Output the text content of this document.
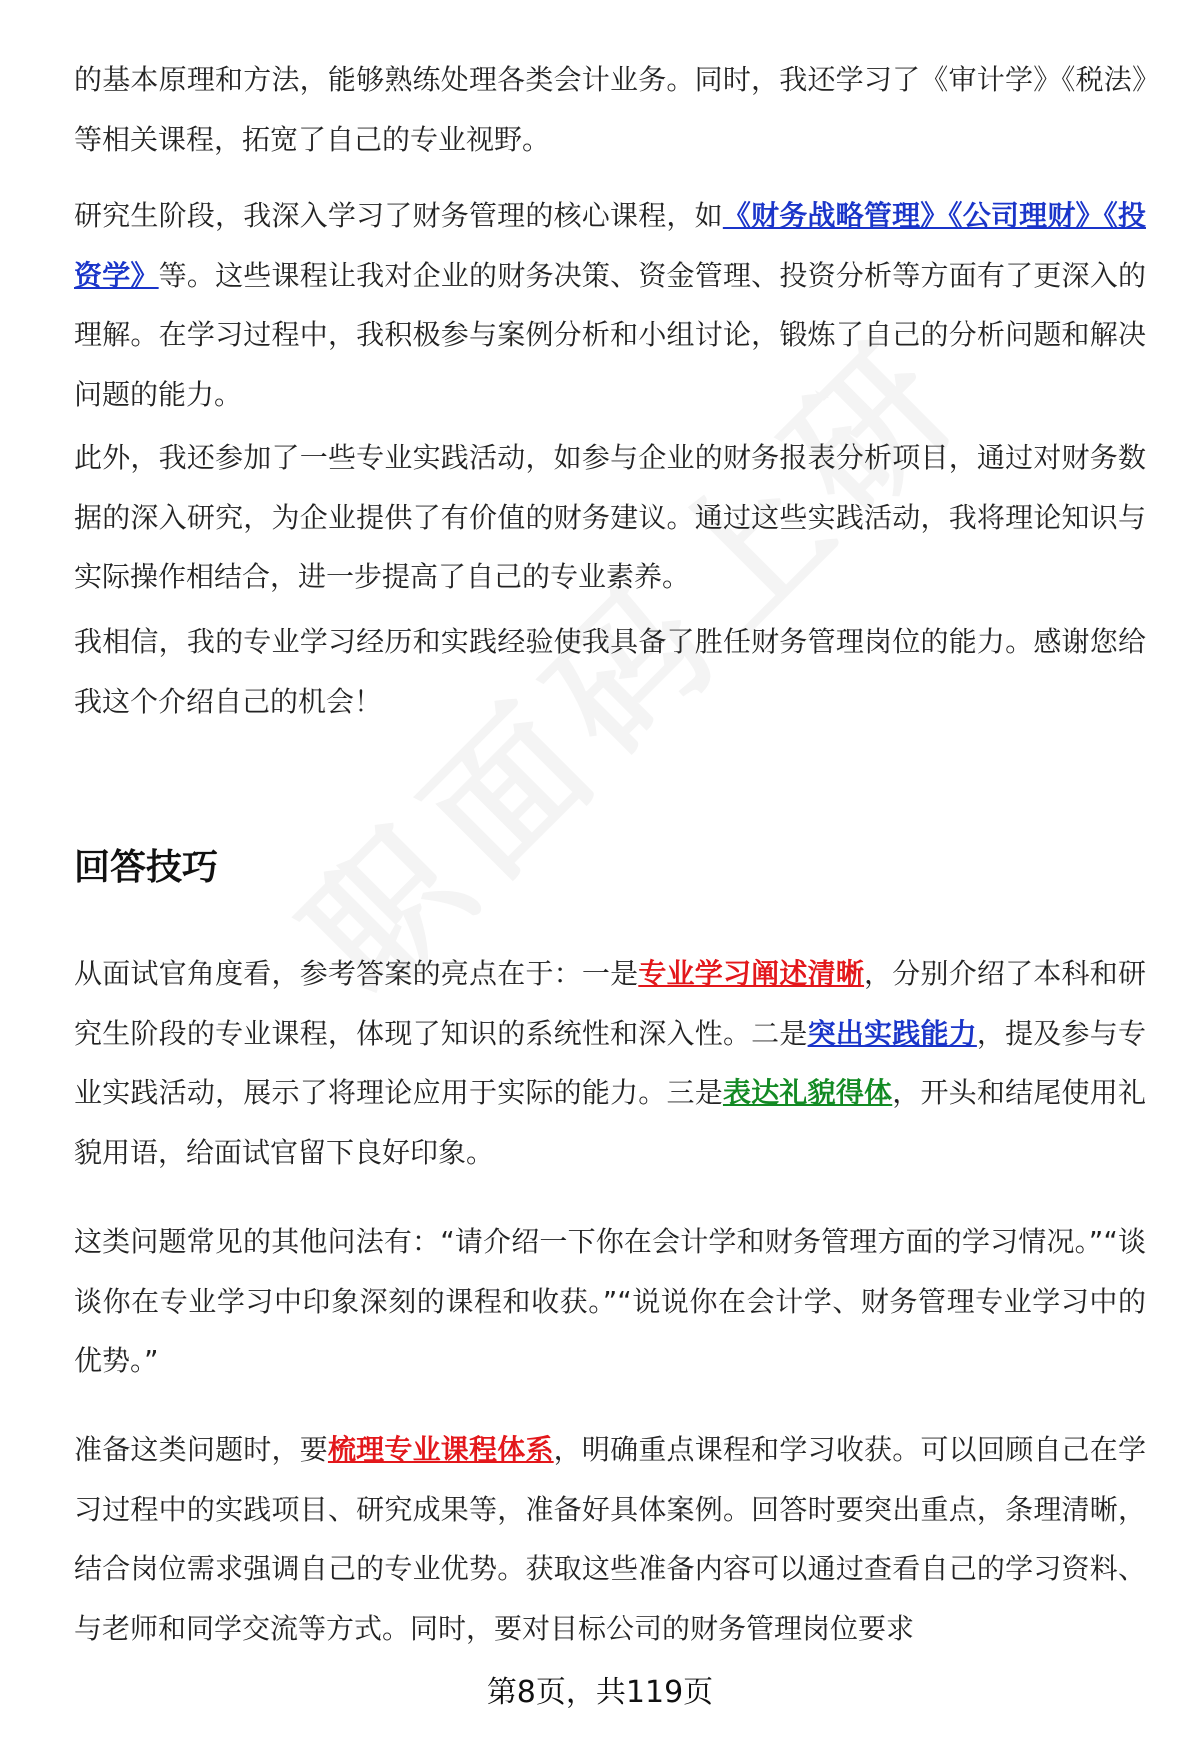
的基本原理和方法，能够熟练处理各类会计业务。同时，我还学习了《审计学》《税法》等相关课程，拓宽了自己的专业视野。

研究生阶段，我深入学习了财务管理的核心课程，如《财务战略管理》《公司理财》《投资学》等。这些课程让我对企业的财务决策、资金管理、投资分析等方面有了更深入的理解。在学习过程中，我积极参与案例分析和小组讨论，锻炼了自己的分析问题和解决问题的能力。

此外，我还参加了一些专业实践活动，如参与企业的财务报表分析项目，通过对财务数据的深入研究，为企业提供了有价值的财务建议。通过这些实践活动，我将理论知识与实际操作相结合，进一步提高了自己的专业素养。

我相信，我的专业学习经历和实践经验使我具备了胜任财务管理岗位的能力。感谢您给我这个介绍自己的机会！

回答技巧

从面试官角度看，参考答案的亮点在于：一是专业学习阐述清晰，分别介绍了本科和研究生阶段的专业课程，体现了知识的系统性和深入性。二是突出实践能力，提及参与专业实践活动，展示了将理论应用于实际的能力。三是表达礼貌得体，开头和结尾使用礼貌用语，给面试官留下良好印象。

这类问题常见的其他问法有：“请介绍一下你在会计学和财务管理方面的学习情况。”“谈谈你在专业学习中印象深刻的课程和收获。”“说说你在会计学、财务管理专业学习中的优势。”

准备这类问题时，要梳理专业课程体系，明确重点课程和学习收获。可以回顾自己在学习过程中的实践项目、研究成果等，准备好具体案例。回答时要突出重点，条理清晰，结合岗位需求强调自己的专业优势。获取这些准备内容可以通过查看自己的学习资料、与老师和同学交流等方式。同时，要对目标公司的财务管理岗位要求

第8页，共119页
